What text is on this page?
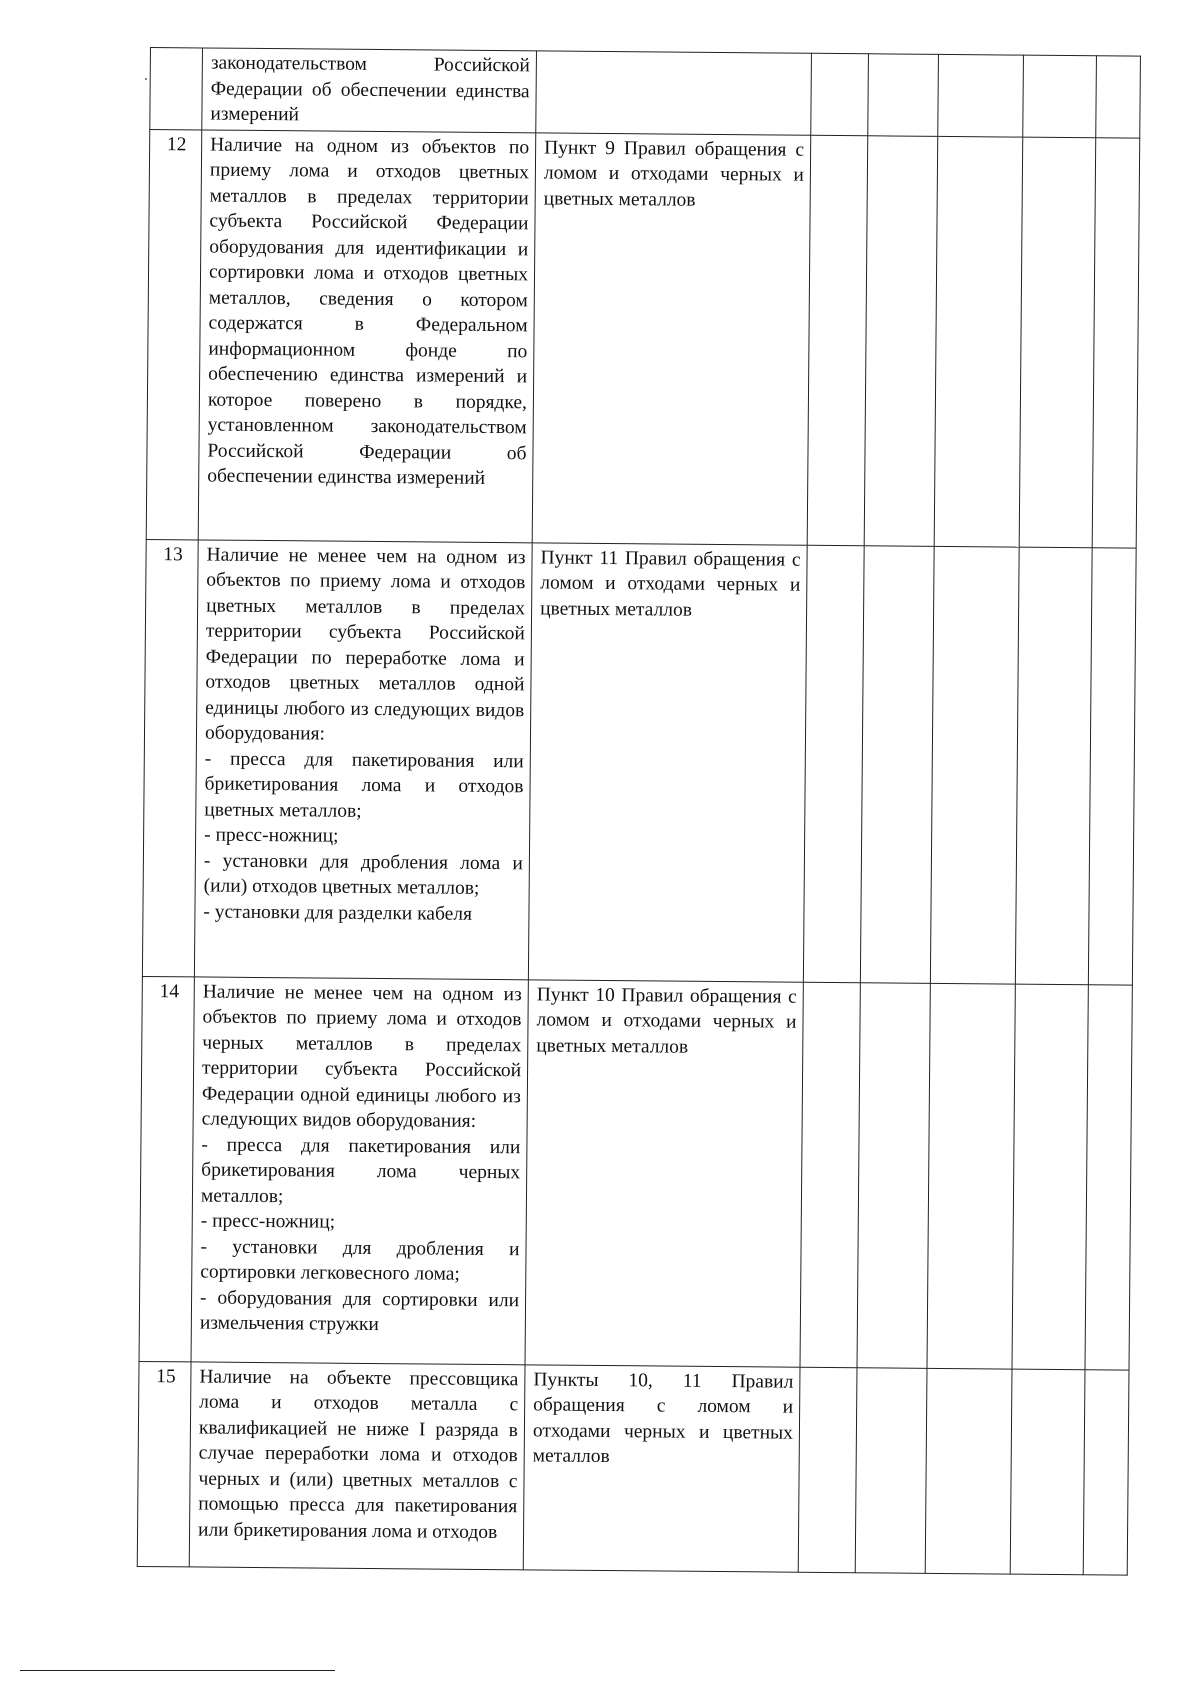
	законодательством Российской Федерации об обеспечении единства измерений						
12	Наличие на одном из объектов по приему лома и отходов цветных металлов в пределах территории субъекта Российской Федерации оборудования для идентификации и сортировки лома и отходов цветных металлов, сведения о котором содержатся в Федеральном информационном фонде по обеспечению единства измерений и которое поверено в порядке, установленном законодательством Российской Федерации об обеспечении единства измерений	Пункт 9 Правил обращения с ломом и отходами черных и цветных металлов					
13	Наличие не менее чем на одном из объектов по приему лома и отходов цветных металлов в пределах территории субъекта Российской Федерации по переработке лома и отходов цветных металлов одной единицы любого из следующих видов оборудования:
- пресса для пакетирования или брикетирования лома и отходов цветных металлов;
- пресс-ножниц;
- установки для дробления лома и (или) отходов цветных металлов;
- установки для разделки кабеля	Пункт 11 Правил обращения с ломом и отходами черных и цветных металлов					
14	Наличие не менее чем на одном из объектов по приему лома и отходов черных металлов в пределах территории субъекта Российской Федерации одной единицы любого из следующих видов оборудования:
- пресса для пакетирования или брикетирования лома черных металлов;
- пресс-ножниц;
- установки для дробления и сортировки легковесного лома;
- оборудования для сортировки или измельчения стружки	Пункт 10 Правил обращения с ломом и отходами черных и цветных металлов					
15	Наличие на объекте прессовщика лома и отходов металла с квалификацией не ниже I разряда в случае переработки лома и отходов черных и (или) цветных металлов с помощью пресса для пакетирования или брикетирования лома и отходов	Пункты 10, 11 Правил обращения с ломом и отходами черных и цветных металлов					
